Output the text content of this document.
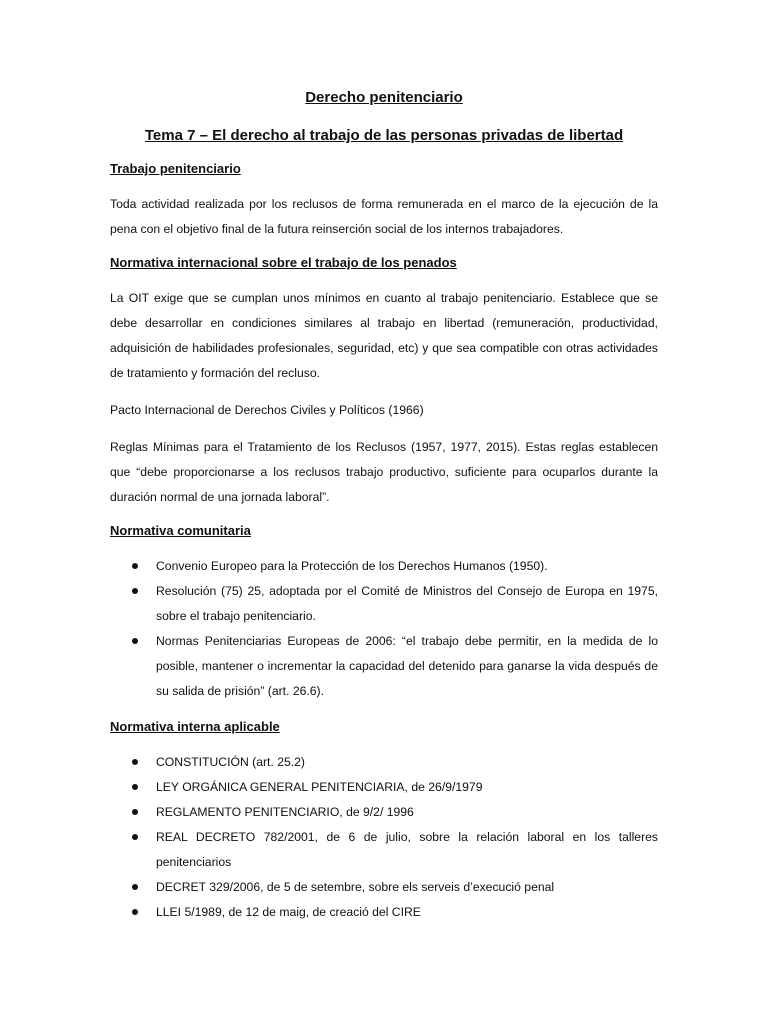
Derecho penitenciario
Tema 7 – El derecho al trabajo de las personas privadas de libertad
Trabajo penitenciario

Toda actividad realizada por los reclusos de forma remunerada en el marco de la ejecución de la pena con el objetivo final de la futura reinserción social de los internos trabajadores.

Normativa internacional sobre el trabajo de los penados

La OIT exige que se cumplan unos mínimos en cuanto al trabajo penitenciario. Establece que se debe desarrollar en condiciones similares al trabajo en libertad (remuneración, productividad, adquisición de habilidades profesionales, seguridad, etc) y que sea compatible con otras actividades de tratamiento y formación del recluso.

Pacto Internacional de Derechos Civiles y Políticos (1966)

Reglas Mínimas para el Tratamiento de los Reclusos (1957, 1977, 2015). Estas reglas establecen que “debe proporcionarse a los reclusos trabajo productivo, suficiente para ocuparlos durante la duración normal de una jornada laboral”.

Normativa comunitaria
Convenio Europeo para la Protección de los Derechos Humanos (1950).
Resolución (75) 25, adoptada por el Comité de Ministros del Consejo de Europa en 1975, sobre el trabajo penitenciario.
Normas Penitenciarias Europeas de 2006: “el trabajo debe permitir, en la medida de lo posible, mantener o incrementar la capacidad del detenido para ganarse la vida después de su salida de prisión” (art. 26.6).
Normativa interna aplicable
CONSTITUCIÓN (art. 25.2)
LEY ORGÁNICA GENERAL PENITENCIARIA, de 26/9/1979
REGLAMENTO PENITENCIARIO, de 9/2/ 1996
REAL DECRETO 782/2001, de 6 de julio, sobre la relación laboral en los talleres penitenciarios
DECRET 329/2006, de 5 de setembre, sobre els serveis d’execució penal
LLEI 5/1989, de 12 de maig, de creació del CIRE
